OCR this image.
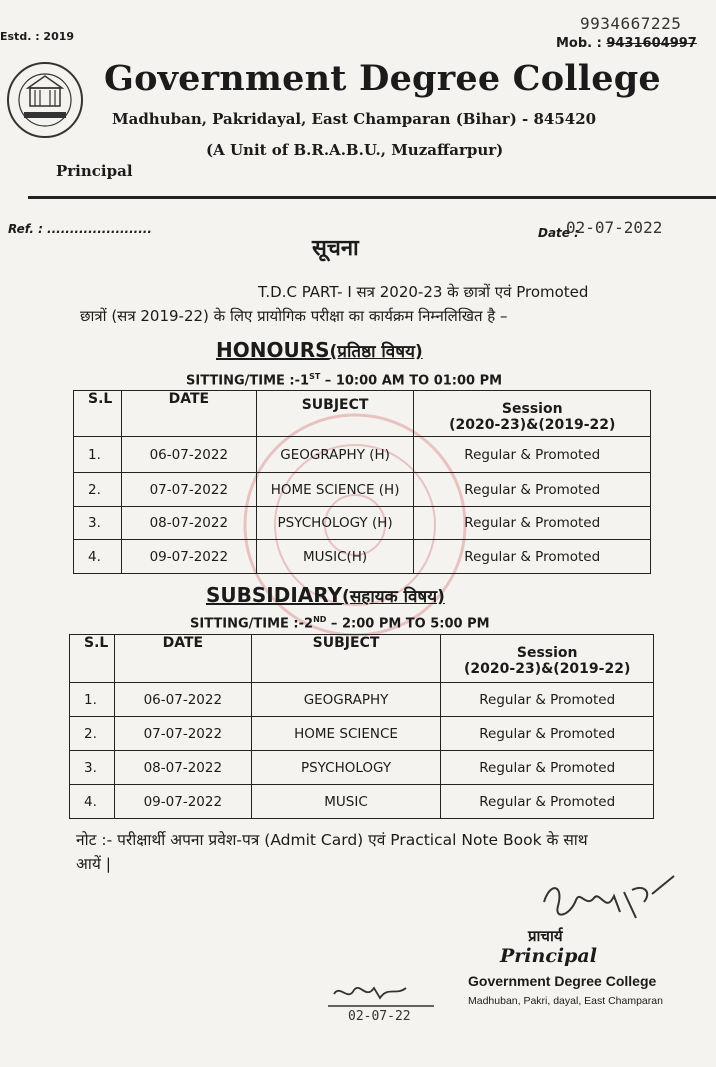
Estd. : 2019
9934667225
Mob. : 9431604997
Government Degree College
Madhuban, Pakridayal, East Champaran (Bihar) - 845420
(A Unit of B.R.A.B.U., Muzaffarpur)
Principal
Ref. : .......................	Date :
02-07-2022
सूचना
T.D.C PART- I सत्र 2020-23 के छात्रों एवं Promoted
छात्रों (सत्र 2019-22) के लिए प्रायोगिक परीक्षा का कार्यक्रम निम्नलिखित है –
HONOURS(प्रतिष्ठा विषय)
SITTING/TIME :-1ST – 10:00 AM TO 01:00 PM
S.L	DATE	SUBJECT	Session
(2020-23)&(2019-22)

1.	06-07-2022	GEOGRAPHY (H)	Regular & Promoted
2.	07-07-2022	HOME SCIENCE (H)	Regular & Promoted
3.	08-07-2022	PSYCHOLOGY (H)	Regular & Promoted
4.	09-07-2022	MUSIC(H)	Regular & Promoted
SUBSIDIARY(सहायक विषय)
SITTING/TIME :-2ND – 2:00 PM TO 5:00 PM
S.L	DATE	SUBJECT	Session
(2020-23)&(2019-22)

1.	06-07-2022	GEOGRAPHY	Regular & Promoted
2.	07-07-2022	HOME SCIENCE	Regular & Promoted
3.	08-07-2022	PSYCHOLOGY	Regular & Promoted
4.	09-07-2022	MUSIC	Regular & Promoted
नोट :- परीक्षार्थी अपना प्रवेश-पत्र (Admit Card) एवं Practical Note Book के साथ
आयें |
प्राचार्य
Principal
Government Degree College
Madhuban, Pakri, dayal, East Champaran
02-07-22
